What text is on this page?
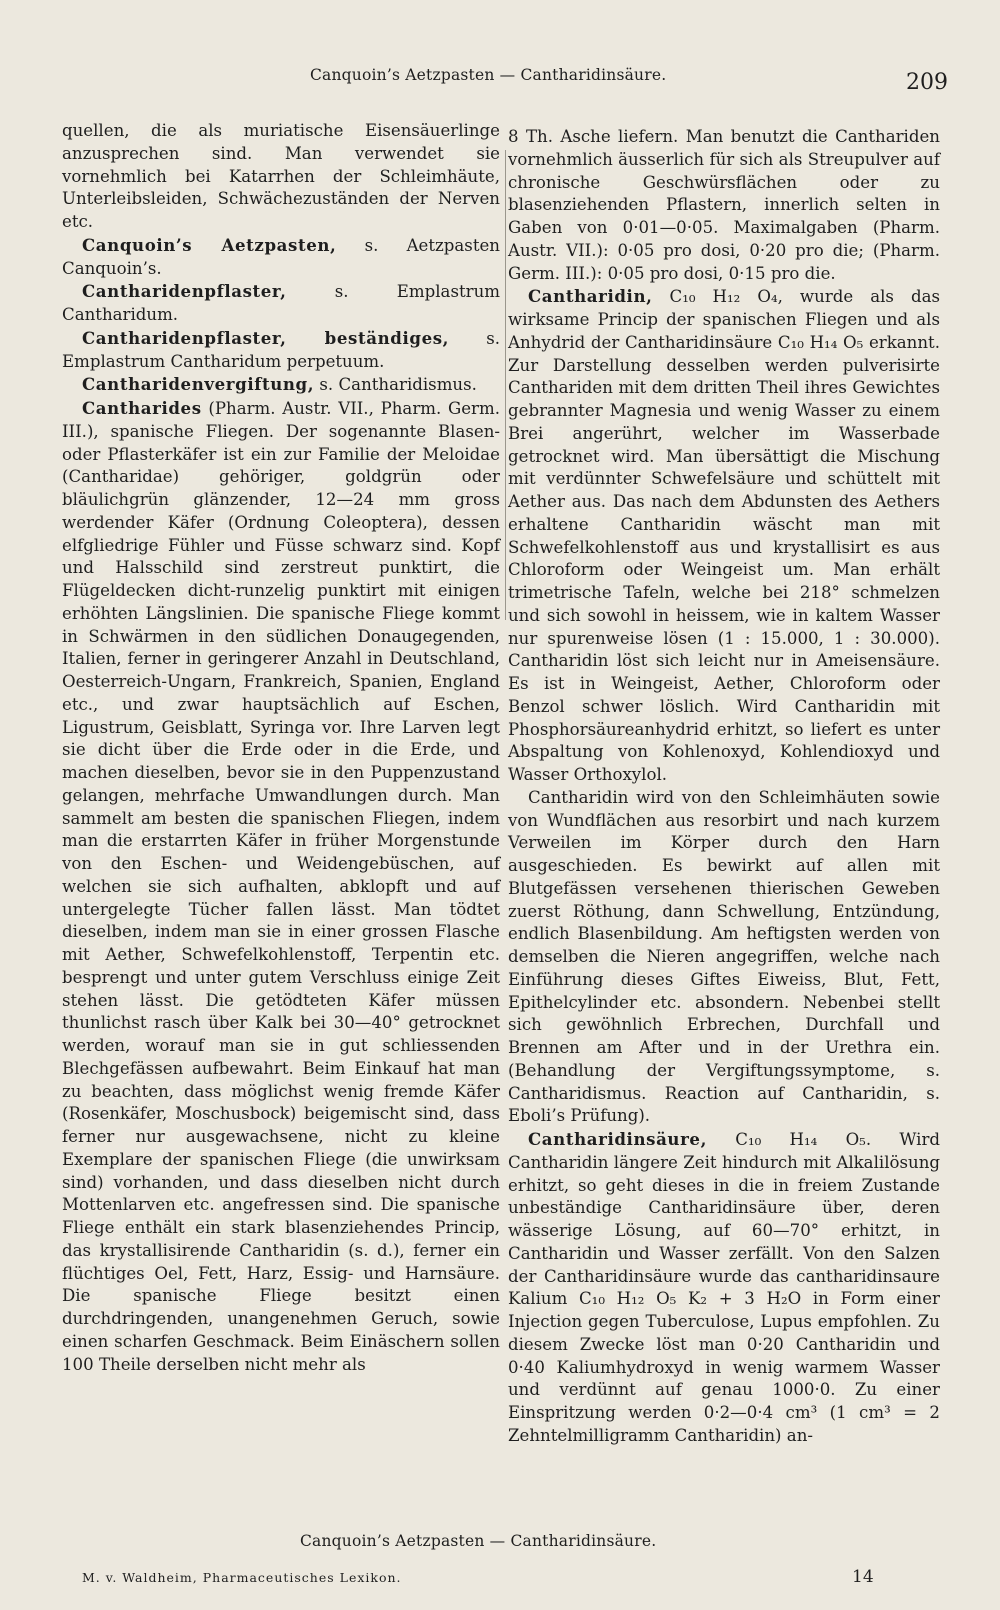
Canquoin’s Aetzpasten — Cantharidinsäure.	209

quellen, die als muriatische Eisensäuerlinge anzusprechen sind. Man verwendet sie vornehmlich bei Katarrhen der Schleimhäute, Unterleibsleiden, Schwächezuständen der Nerven etc.

Canquoin’s Aetzpasten, s. Aetzpasten Canquoin’s.

Cantharidenpflaster, s. Emplastrum Cantharidum.

Cantharidenpflaster, beständiges, s. Emplastrum Cantharidum perpetuum.

Cantharidenvergiftung, s. Cantharidismus.

Cantharides (Pharm. Austr. VII., Pharm. Germ. III.), spanische Fliegen. Der sogenannte Blasen- oder Pflasterkäfer ist ein zur Familie der Meloidae (Cantharidae) gehöriger, goldgrün oder bläulichgrün glänzender, 12—24 mm gross werdender Käfer (Ordnung Coleoptera), dessen elfgliedrige Fühler und Füsse schwarz sind. Kopf und Halsschild sind zerstreut punktirt, die Flügeldecken dicht-runzelig punktirt mit einigen erhöhten Längslinien. Die spanische Fliege kommt in Schwärmen in den südlichen Donaugegenden, Italien, ferner in geringerer Anzahl in Deutschland, Oesterreich-Ungarn, Frankreich, Spanien, England etc., und zwar hauptsächlich auf Eschen, Ligustrum, Geisblatt, Syringa vor. Ihre Larven legt sie dicht über die Erde oder in die Erde, und machen dieselben, bevor sie in den Puppenzustand gelangen, mehrfache Umwandlungen durch. Man sammelt am besten die spanischen Fliegen, indem man die erstarrten Käfer in früher Morgenstunde von den Eschen- und Weidengebüschen, auf welchen sie sich aufhalten, abklopft und auf untergelegte Tücher fallen lässt. Man tödtet dieselben, indem man sie in einer grossen Flasche mit Aether, Schwefelkohlenstoff, Terpentin etc. besprengt und unter gutem Verschluss einige Zeit stehen lässt. Die getödteten Käfer müssen thunlichst rasch über Kalk bei 30—40° getrocknet werden, worauf man sie in gut schliessenden Blechgefässen aufbewahrt. Beim Einkauf hat man zu beachten, dass möglichst wenig fremde Käfer (Rosenkäfer, Moschusbock) beigemischt sind, dass ferner nur ausgewachsene, nicht zu kleine Exemplare der spanischen Fliege (die unwirksam sind) vorhanden, und dass dieselben nicht durch Mottenlarven etc. angefressen sind. Die spanische Fliege enthält ein stark blasenziehendes Princip, das krystallisirende Cantharidin (s. d.), ferner ein flüchtiges Oel, Fett, Harz, Essig- und Harnsäure. Die spanische Fliege besitzt einen durchdringenden, unangenehmen Geruch, sowie einen scharfen Geschmack. Beim Einäschern sollen 100 Theile derselben nicht mehr als

8 Th. Asche liefern. Man benutzt die Canthariden vornehmlich äusserlich für sich als Streupulver auf chronische Geschwürsflächen oder zu blasenziehenden Pflastern, innerlich selten in Gaben von 0·01—0·05. Maximalgaben (Pharm. Austr. VII.): 0·05 pro dosi, 0·20 pro die; (Pharm. Germ. III.): 0·05 pro dosi, 0·15 pro die.

Cantharidin, C₁₀ H₁₂ O₄, wurde als das wirksame Princip der spanischen Fliegen und als Anhydrid der Cantharidinsäure C₁₀ H₁₄ O₅ erkannt. Zur Darstellung desselben werden pulverisirte Canthariden mit dem dritten Theil ihres Gewichtes gebrannter Magnesia und wenig Wasser zu einem Brei angerührt, welcher im Wasserbade getrocknet wird. Man übersättigt die Mischung mit verdünnter Schwefelsäure und schüttelt mit Aether aus. Das nach dem Abdunsten des Aethers erhaltene Cantharidin wäscht man mit Schwefelkohlenstoff aus und krystallisirt es aus Chloroform oder Weingeist um. Man erhält trimetrische Tafeln, welche bei 218° schmelzen und sich sowohl in heissem, wie in kaltem Wasser nur spurenweise lösen (1 : 15.000, 1 : 30.000). Cantharidin löst sich leicht nur in Ameisensäure. Es ist in Weingeist, Aether, Chloroform oder Benzol schwer löslich. Wird Cantharidin mit Phosphorsäureanhydrid erhitzt, so liefert es unter Abspaltung von Kohlenoxyd, Kohlendioxyd und Wasser Orthoxylol.

Cantharidin wird von den Schleimhäuten sowie von Wundflächen aus resorbirt und nach kurzem Verweilen im Körper durch den Harn ausgeschieden. Es bewirkt auf allen mit Blutgefässen versehenen thierischen Geweben zuerst Röthung, dann Schwellung, Entzündung, endlich Blasenbildung. Am heftigsten werden von demselben die Nieren angegriffen, welche nach Einführung dieses Giftes Eiweiss, Blut, Fett, Epithelcylinder etc. absondern. Nebenbei stellt sich gewöhnlich Erbrechen, Durchfall und Brennen am After und in der Urethra ein. (Behandlung der Vergiftungssymptome, s. Cantharidismus. Reaction auf Cantharidin, s. Eboli’s Prüfung).

Cantharidinsäure, C₁₀ H₁₄ O₅. Wird Cantharidin längere Zeit hindurch mit Alkalilösung erhitzt, so geht dieses in die in freiem Zustande unbeständige Cantharidinsäure über, deren wässerige Lösung, auf 60—70° erhitzt, in Cantharidin und Wasser zerfällt. Von den Salzen der Cantharidinsäure wurde das cantharidinsaure Kalium C₁₀ H₁₂ O₅ K₂ + 3 H₂O in Form einer Injection gegen Tuberculose, Lupus empfohlen. Zu diesem Zwecke löst man 0·20 Cantharidin und 0·40 Kaliumhydroxyd in wenig warmem Wasser und verdünnt auf genau 1000·0. Zu einer Einspritzung werden 0·2—0·4 cm³ (1 cm³ = 2 Zehntelmilligramm Cantharidin) an-

Canquoin’s Aetzpasten — Cantharidinsäure.
M. v. Waldheim, Pharmaceutisches Lexikon.	14
